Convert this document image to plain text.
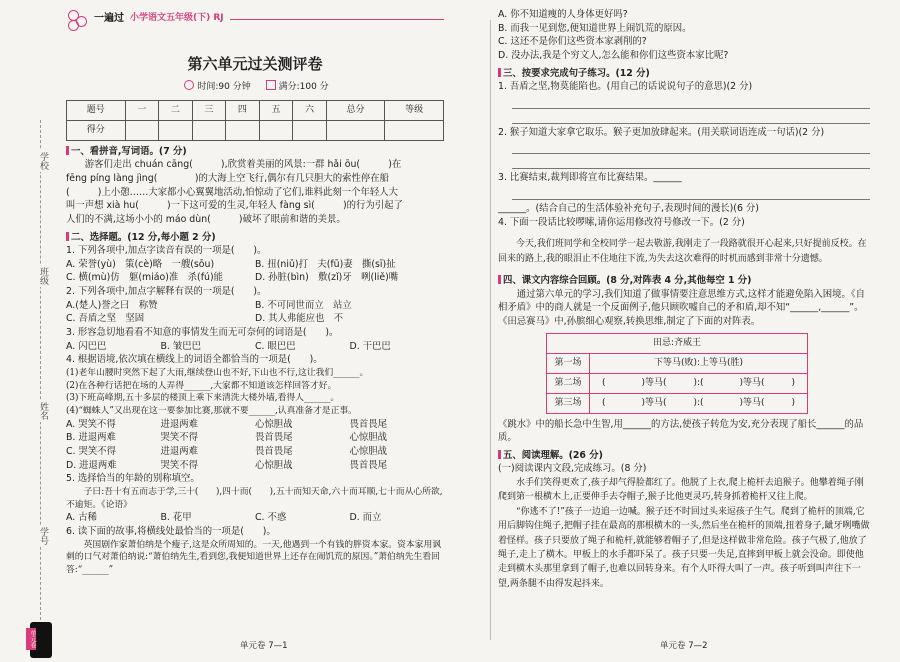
学校
班级
姓名
学号
单元卷
一遍过 小学语文五年级(下) RJ
第六单元过关测评卷
时间:90 分钟	满分:100 分
题号	一	二	三	四	五	六	总分	等级
得分								
一、看拼音,写词语。(7 分)

游客们走出 chuán cāng(　　　),欣赏着美丽的风景:一群 hǎi ōu(　　　)在

fēng píng làng jìng(　　　　)的大海上空飞行,偶尔有几只胆大的索性停在船

(　　　)上小憩……大家都小心翼翼地活动,怕惊动了它们,谁料此刻一个年轻人大

叫一声想 xià hu(　　　)一下这可爱的生灵,年轻人 fàng sì(　　　)的行为引起了

人们的不满,这场小小的 máo dùn(　　　)破坏了眼前和谐的美景。

二、选择题。(12 分,每小题 2 分)

1. 下列各项中,加点字读音有误的一项是(　　)。

A. 荣誉(yù)　策(cè)略　一艘(sōu)	B. 扭(niǔ)打　夫(fū)妻　撕(sī)扯
C. 横(mù)仿　躯(miáo)准　杀(fú)能	D. 孙脏(bìn)　敷(zǐ)牙　咧(liě)嘴

2. 下列各项中,加点字解释有误的一项是(　　)。

A.(楚人)誉之曰　称赞	B. 不可同世而立　站立
C. 吾盾之坚　坚固	D. 其人弗能应也　不

3. 形容急切地看看不知意的事情发生而无可奈何的词语是(　　)。

A. 闪巴巴	B. 皱巴巴	C. 眼巴巴	D. 干巴巴

4. 根据语境,依次填在横线上的词语全都恰当的一项是(　　)。

(1)老年山腰时突然下起了大雨,继续登山也不好,下山也不行,这让我们______。
(2)在各种行话把在场的人弄得______,大家都不知道该怎样回答才好。
(3)下班高峰期,五十多层的楼顶上乘下来清洗大楼外墙,看得人______。
(4)“蜘蛛人”又出现在这一要参加比赛,那就不要______,认真准备才是正事。
A. 哭笑不得	进退两难	心惊胆战	畏首畏尾
B. 进退两难	哭笑不得	畏首畏尾	心惊胆战
C. 哭笑不得	进退两难	畏首畏尾	心惊胆战
D. 进退两难	哭笑不得	心惊胆战	畏首畏尾

5. 选择恰当的年龄的别称填空。

子曰:吾十有五而志于学,三十(　　),四十而(　　),五十而知天命,六十而耳顺,七十而从心所欲,不逾矩。《论语》

A. 古稀	B. 花甲	C. 不惑	D. 而立

6. 读下面的故事,将横线处最恰当的一项是(　　)。

英国剧作家萧伯纳是个瘦子,这是众所周知的。一天,他遇到一个有钱的胖资本家。资本家用讽刺的口气对萧伯纳说:“萧伯纳先生,看到您,我便知道世界上还存在闹饥荒的原因。”萧伯纳先生看回答:“______”

A. 你不知道瘦的人身体更好吗?

B. 而我一见到您,便知道世界上闹饥荒的原因。

C. 这还不是你们这些资本家剥削的?

D. 没办法,我是个穷文人,怎么能和你们这些资本家比呢?

三、按要求完成句子练习。(12 分)

1. 吾盾之坚,物莫能陷也。(用自己的话说说句子的意思)(2 分)

2. 猴子知道大家拿它取乐。猴子更加放肆起来。(用关联词语连成一句话)(2 分)

3. 比赛结束,裁判即将宣布比赛结果。______

______。(结合自己的生活体验补充句子,表现时间的漫长)(6 分)

4. 下面一段话比较啰嗦,请你运用修改符号修改一下。(2 分)

今天,我们班同学和全校同学一起去敬游,我刚走了一段路就很开心起来,只好提前反校。在回来的路上,我的眼泪止不住地往下流,为失去这次难得的时机而感到非常十分遗憾。

四、课文内容综合回顾。(8 分,对阵表 4 分,其他每空 1 分)

通过第六单元的学习,我们知道了做事情要注意思维方式,这样才能避免陷入困境。《自相矛盾》中的商人就是一个反面例子,他只顾吹嘘自己的矛和盾,却不知“______,______”。《田忌赛马》中,孙膑细心观察,转换思维,制定了下面的对阵表。

田忌:齐威王	
第一场	下等马(败):上等马(胜)
第二场	(　　　　)等马(　　　):(　　　　)等马(　　　)
第三场	(　　　　)等马(　　　):(　　　　)等马(　　　)

《跳水》中的船长急中生智,用______的方法,使孩子转危为安,充分表现了船长______的品质。

五、阅读理解。(26 分)

(一)阅读课内文段,完成练习。(8 分)

水手们笑得更欢了,孩子却气得脸都红了。他脱了上衣,爬上桅杆去追猴子。他攀着绳子刚爬到第一根横木上,正要伸手去夺帽子,猴子比他更灵巧,转身抓着桅杆又往上爬。

“你逃不了!”孩子一边追一边喊。猴子还不时回过头来逗孩子生气。爬到了桅杆的顶端,它用后脚钩住绳子,把帽子挂在最高的那根横木的一头,然后坐在桅杆的顶端,扭着身子,龇牙咧嘴做着怪样。孩子只要放了绳子和桅杆,就能够着帽子了,但是这样做非常危险。孩子气极了,他放了绳子,走上了横木。甲板上的水手都吓呆了。孩子只要一失足,直摔到甲板上就会没命。即使他走到横木头那里拿到了帽子,也难以回转身来。有个人吓得大叫了一声。孩子听到叫声往下一望,两条腿不由得发起抖来。

单元卷 7—1	单元卷 7—2
